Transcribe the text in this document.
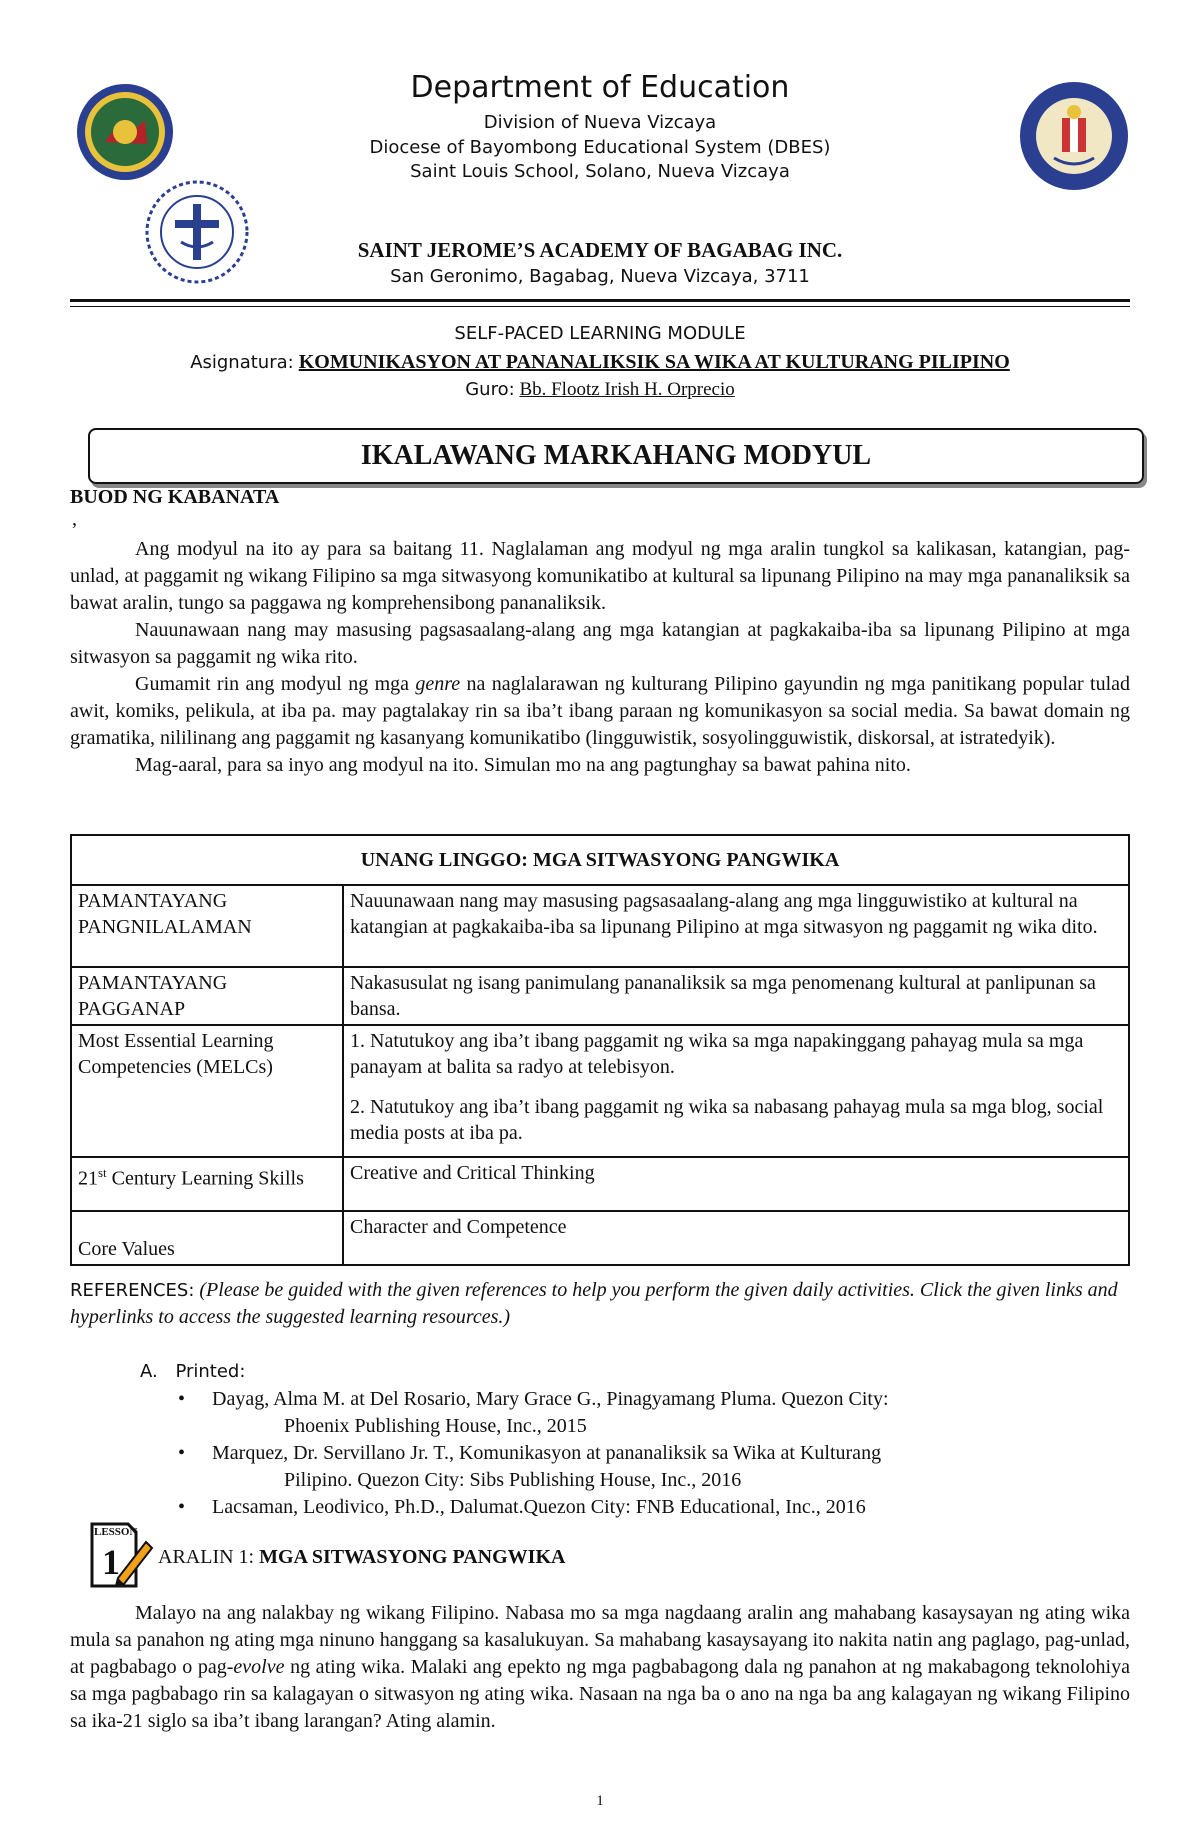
Department of Education
Division of Nueva Vizcaya
Diocese of Bayombong Educational System (DBES)
Saint Louis School, Solano, Nueva Vizcaya
SAINT JEROME’S ACADEMY OF BAGABAG INC.
San Geronimo, Bagabag, Nueva Vizcaya, 3711
SELF-PACED LEARNING MODULE
Asignatura: KOMUNIKASYON AT PANANALIKSIK SA WIKA AT KULTURANG PILIPINO
Guro: Bb. Flootz Irish H. Orprecio
IKALAWANG MARKAHANG MODYUL
BUOD NG KABANATA
,

Ang modyul na ito ay para sa baitang 11. Naglalaman ang modyul ng mga aralin tungkol sa kalikasan, katangian, pag-unlad, at paggamit ng wikang Filipino sa mga sitwasyong komunikatibo at kultural sa lipunang Pilipino na may mga pananaliksik sa bawat aralin, tungo sa paggawa ng komprehensibong pananaliksik.

Nauunawaan nang may masusing pagsasaalang-alang ang mga katangian at pagkakaiba-iba sa lipunang Pilipino at mga sitwasyon sa paggamit ng wika rito.

Gumamit rin ang modyul ng mga genre na naglalarawan ng kulturang Pilipino gayundin ng mga panitikang popular tulad awit, komiks, pelikula, at iba pa. may pagtalakay rin sa iba’t ibang paraan ng komunikasyon sa social media. Sa bawat domain ng gramatika, nililinang ang paggamit ng kasanyang komunikatibo (lingguwistik, sosyolingguwistik, diskorsal, at istratedyik).

Mag-aaral, para sa inyo ang modyul na ito. Simulan mo na ang pagtunghay sa bawat pahina nito.

UNANG LINGGO: MGA SITWASYONG PANGWIKA	
PAMANTAYANG PANGNILALAMAN	Nauunawaan nang may masusing pagsasaalang-alang ang mga lingguwistiko at kultural na katangian at pagkakaiba-iba sa lipunang Pilipino at mga sitwasyon ng paggamit ng wika dito.
PAMANTAYANG PAGGANAP	Nakasusulat ng isang panimulang pananaliksik sa mga penomenang kultural at panlipunan sa bansa.
Most Essential Learning Competencies (MELCs)	1. Natutukoy ang iba’t ibang paggamit ng wika sa mga napakinggang pahayag mula sa mga panayam at balita sa radyo at telebisyon.
2. Natutukoy ang iba’t ibang paggamit ng wika sa nabasang pahayag mula sa mga blog, social media posts at iba pa.

21st Century Learning Skills	Creative and Critical Thinking
Core Values	Character and Competence
REFERENCES: (Please be guided with the given references to help you perform the given daily activities. Click the given links and hyperlinks to access the suggested learning resources.)
A. Printed:
• Dayag, Alma M. at Del Rosario, Mary Grace G., Pinagyamang Pluma. Quezon City:
Phoenix Publishing House, Inc., 2015
• Marquez, Dr. Servillano Jr. T., Komunikasyon at pananaliksik sa Wika at Kulturang
Pilipino. Quezon City: Sibs Publishing House, Inc., 2016
• Lacsaman, Leodivico, Ph.D., Dalumat.Quezon City: FNB Educational, Inc., 2016
LESSON
1 ARALIN 1: MGA SITWASYONG PANGWIKA

Malayo na ang nalakbay ng wikang Filipino. Nabasa mo sa mga nagdaang aralin ang mahabang kasaysayan ng ating wika mula sa panahon ng ating mga ninuno hanggang sa kasalukuyan. Sa mahabang kasaysayang ito nakita natin ang paglago, pag-unlad, at pagbabago o pag-evolve ng ating wika. Malaki ang epekto ng mga pagbabagong dala ng panahon at ng makabagong teknolohiya sa mga pagbabago rin sa kalagayan o sitwasyon ng ating wika. Nasaan na nga ba o ano na nga ba ang kalagayan ng wikang Filipino sa ika-21 siglo sa iba’t ibang larangan? Ating alamin.

1
